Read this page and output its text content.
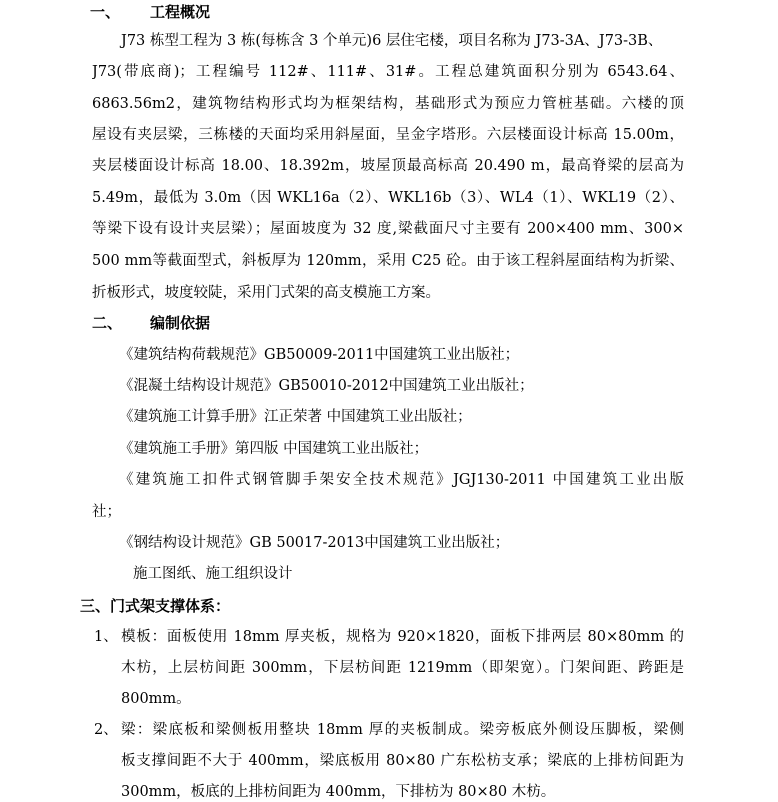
一、 工程概况
J73 栋型工程为 3 栋(每栋含 3 个单元)6 层住宅楼，项目名称为 J73-3A、J73-3B、
J73(带底商)；工程编号 112#、111#、31#。工程总建筑面积分别为 6543.64、
6863.56m2，建筑物结构形式均为框架结构，基础形式为预应力管桩基础。六楼的顶
屋设有夹层梁，三栋楼的天面均采用斜屋面，呈金字塔形。六层楼面设计标高 15.00m，
夹层楼面设计标高 18.00、18.392m，坡屋顶最高标高 20.490 m，最高脊梁的层高为
5.49m，最低为 3.0m（因 WKL16a（2）、WKL16b（3）、WL4（1）、WKL19（2）、
等梁下设有设计夹层梁）；屋面坡度为 32 度,梁截面尺寸主要有 200×400 mm、300×
500 mm等截面型式，斜板厚为 120mm，采用 C25 砼。由于该工程斜屋面结构为折梁、
折板形式，坡度较陡，采用门式架的高支模施工方案。
二、 编制依据
《建筑结构荷载规范》GB50009-2011中国建筑工业出版社；
《混凝土结构设计规范》GB50010-2012中国建筑工业出版社；
《建筑施工计算手册》江正荣著 中国建筑工业出版社；
《建筑施工手册》第四版 中国建筑工业出版社；
《建筑施工扣件式钢管脚手架安全技术规范》JGJ130-2011 中国建筑工业出版
社；
《钢结构设计规范》GB 50017-2013中国建筑工业出版社；
施工图纸、施工组织设计
三、门式架支撑体系：
1、 模板：面板使用 18mm 厚夹板，规格为 920×1820，面板下排两层 80×80mm 的
木枋，上层枋间距 300mm，下层枋间距 1219mm（即架宽）。门架间距、跨距是
800mm。
2、 梁：梁底板和梁侧板用整块 18mm 厚的夹板制成。梁旁板底外侧设压脚板，梁侧
板支撑间距不大于 400mm，梁底板用 80×80 广东松枋支承；梁底的上排枋间距为
300mm，板底的上排枋间距为 400mm，下排枋为 80×80 木枋。
